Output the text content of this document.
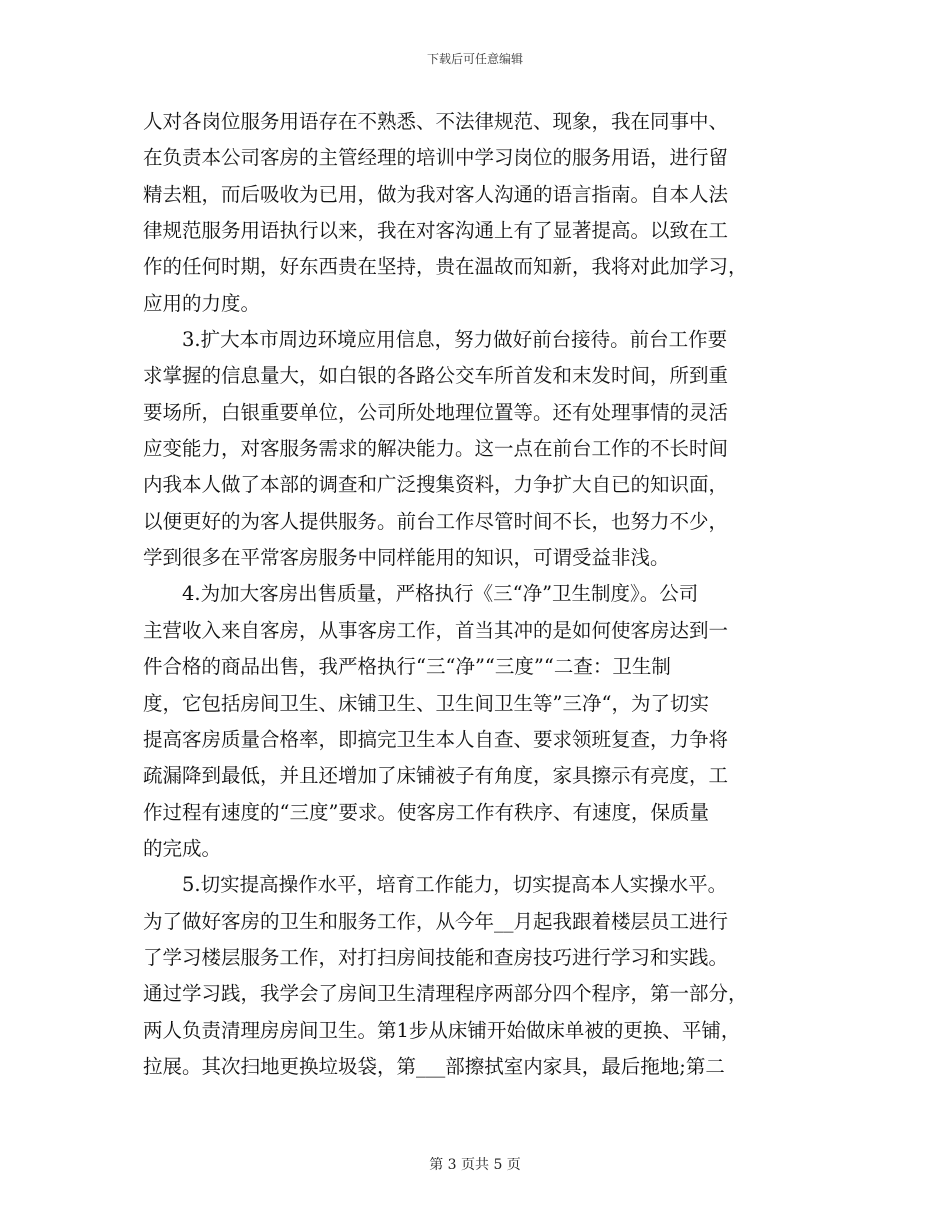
下载后可任意编辑
人对各岗位服务用语存在不熟悉、不法律规范、现象，我在同事中、
在负责本公司客房的主管经理的培训中学习岗位的服务用语，进行留
精去粗，而后吸收为已用，做为我对客人沟通的语言指南。自本人法
律规范服务用语执行以来，我在对客沟通上有了显著提高。以致在工
作的任何时期，好东西贵在坚持，贵在温故而知新，我将对此加学习，
应用的力度。
　　3.扩大本市周边环境应用信息，努力做好前台接待。前台工作要
求掌握的信息量大，如白银的各路公交车所首发和末发时间，所到重
要场所，白银重要单位，公司所处地理位置等。还有处理事情的灵活
应变能力，对客服务需求的解决能力。这一点在前台工作的不长时间
内我本人做了本部的调查和广泛搜集资料，力争扩大自已的知识面，
以便更好的为客人提供服务。前台工作尽管时间不长，也努力不少，
学到很多在平常客房服务中同样能用的知识，可谓受益非浅。
　　4.为加大客房出售质量，严格执行《三“净”卫生制度》。公司
主营收入来自客房，从事客房工作，首当其冲的是如何使客房达到一
件合格的商品出售，我严格执行“三“净”“三度”“二查：卫生制
度，它包括房间卫生、床铺卫生、卫生间卫生等”三净“，为了切实
提高客房质量合格率，即搞完卫生本人自查、要求领班复查，力争将
疏漏降到最低，并且还增加了床铺被子有角度，家具擦示有亮度，工
作过程有速度的“三度”要求。使客房工作有秩序、有速度，保质量
的完成。
　　5.切实提高操作水平，培育工作能力，切实提高本人实操水平。
为了做好客房的卫生和服务工作，从今年__月起我跟着楼层员工进行
了学习楼层服务工作，对打扫房间技能和查房技巧进行学习和实践。
通过学习践，我学会了房间卫生清理程序两部分四个程序，第一部分，
两人负责清理房房间卫生。第1步从床铺开始做床单被的更换、平铺，
拉展。其次扫地更换垃圾袋，第___部擦拭室内家具，最后拖地;第二
第 3 页共 5 页
